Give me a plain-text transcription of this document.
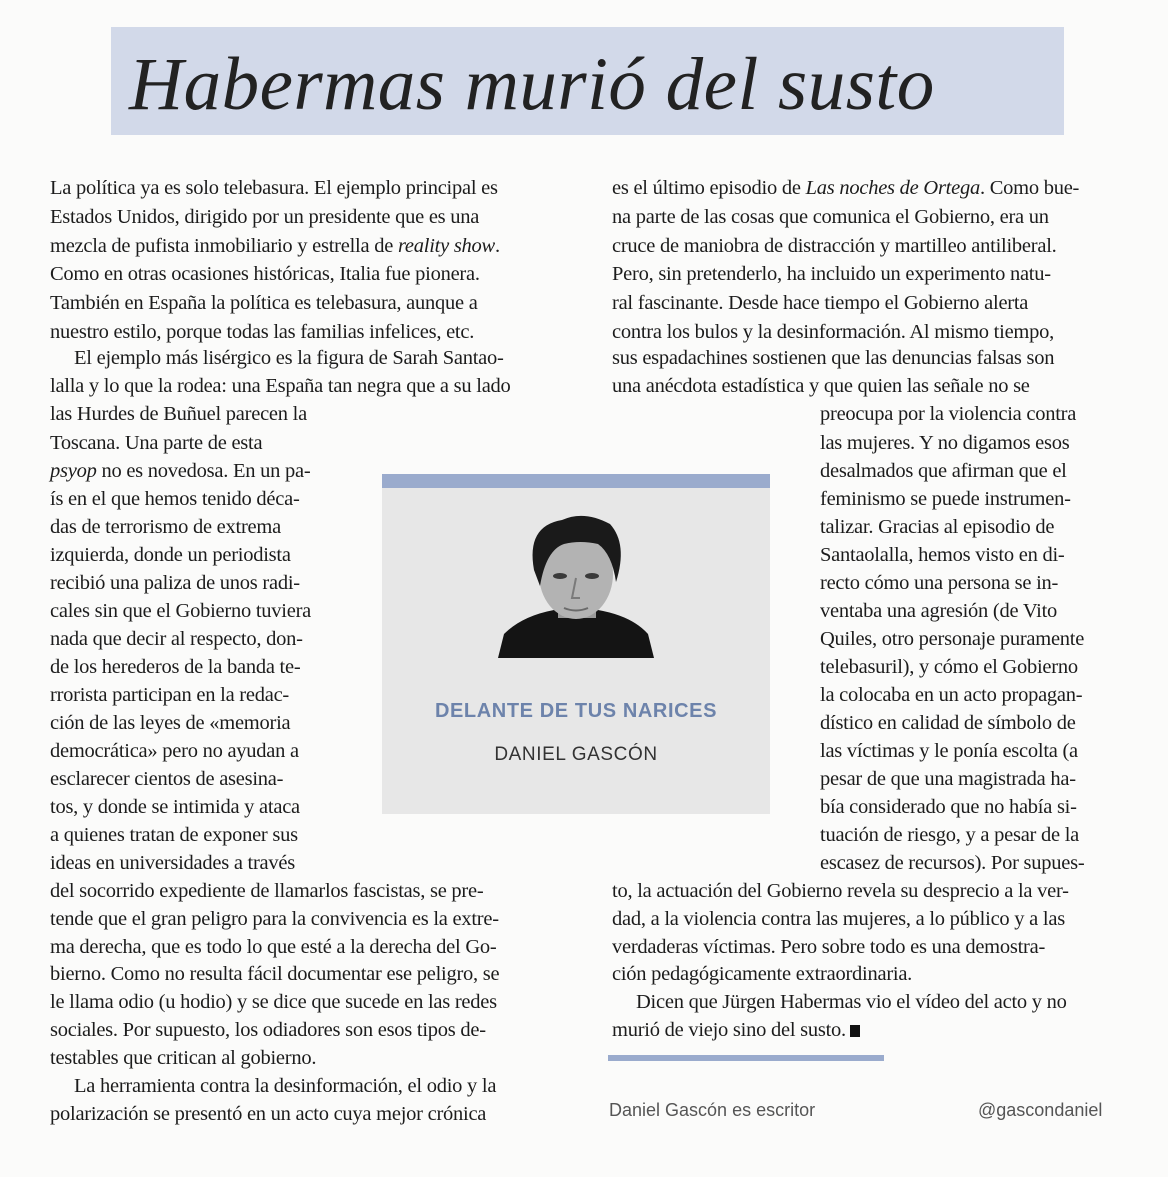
Habermas murió del susto
La política ya es solo telebasura. El ejemplo principal es
Estados Unidos, dirigido por un presidente que es una
mezcla de pufista inmobiliario y estrella de reality show.
Como en otras ocasiones históricas, Italia fue pionera.
También en España la política es telebasura, aunque a
nuestro estilo, porque todas las familias infelices, etc.
El ejemplo más lisérgico es la figura de Sarah Santao-
lalla y lo que la rodea: una España tan negra que a su lado
las Hurdes de Buñuel parecen la
Toscana. Una parte de esta
psyop no es novedosa. En un pa-
ís en el que hemos tenido déca-
das de terrorismo de extrema
izquierda, donde un periodista
recibió una paliza de unos radi-
cales sin que el Gobierno tuviera
nada que decir al respecto, don-
de los herederos de la banda te-
rrorista participan en la redac-
ción de las leyes de «memoria
democrática» pero no ayudan a
esclarecer cientos de asesina-
tos, y donde se intimida y ataca
a quienes tratan de exponer sus
ideas en universidades a través
del socorrido expediente de llamarlos fascistas, se pre-
tende que el gran peligro para la convivencia es la extre-
ma derecha, que es todo lo que esté a la derecha del Go-
bierno. Como no resulta fácil documentar ese peligro, se
le llama odio (u hodio) y se dice que sucede en las redes
sociales. Por supuesto, los odiadores son esos tipos de-
testables que critican al gobierno.
La herramienta contra la desinformación, el odio y la
polarización se presentó en un acto cuya mejor crónica
es el último episodio de Las noches de Ortega. Como bue-
na parte de las cosas que comunica el Gobierno, era un
cruce de maniobra de distracción y martilleo antiliberal.
Pero, sin pretenderlo, ha incluido un experimento natu-
ral fascinante. Desde hace tiempo el Gobierno alerta
contra los bulos y la desinformación. Al mismo tiempo,
sus espadachines sostienen que las denuncias falsas son
una anécdota estadística y que quien las señale no se
preocupa por la violencia contra
las mujeres. Y no digamos esos
desalmados que afirman que el
feminismo se puede instrumen-
talizar. Gracias al episodio de
Santaolalla, hemos visto en di-
recto cómo una persona se in-
ventaba una agresión (de Vito
Quiles, otro personaje puramente
telebasuril), y cómo el Gobierno
la colocaba en un acto propagan-
dístico en calidad de símbolo de
las víctimas y le ponía escolta (a
pesar de que una magistrada ha-
bía considerado que no había si-
tuación de riesgo, y a pesar de la
escasez de recursos). Por supues-
to, la actuación del Gobierno revela su desprecio a la ver-
dad, a la violencia contra las mujeres, a lo público y a las
verdaderas víctimas. Pero sobre todo es una demostra-
ción pedagógicamente extraordinaria.
Dicen que Jürgen Habermas vio el vídeo del acto y no
murió de viejo sino del susto.

DELANTE DE TUS NARICES

DANIEL GASCÓN

Daniel Gascón es escritor	@gascondaniel
